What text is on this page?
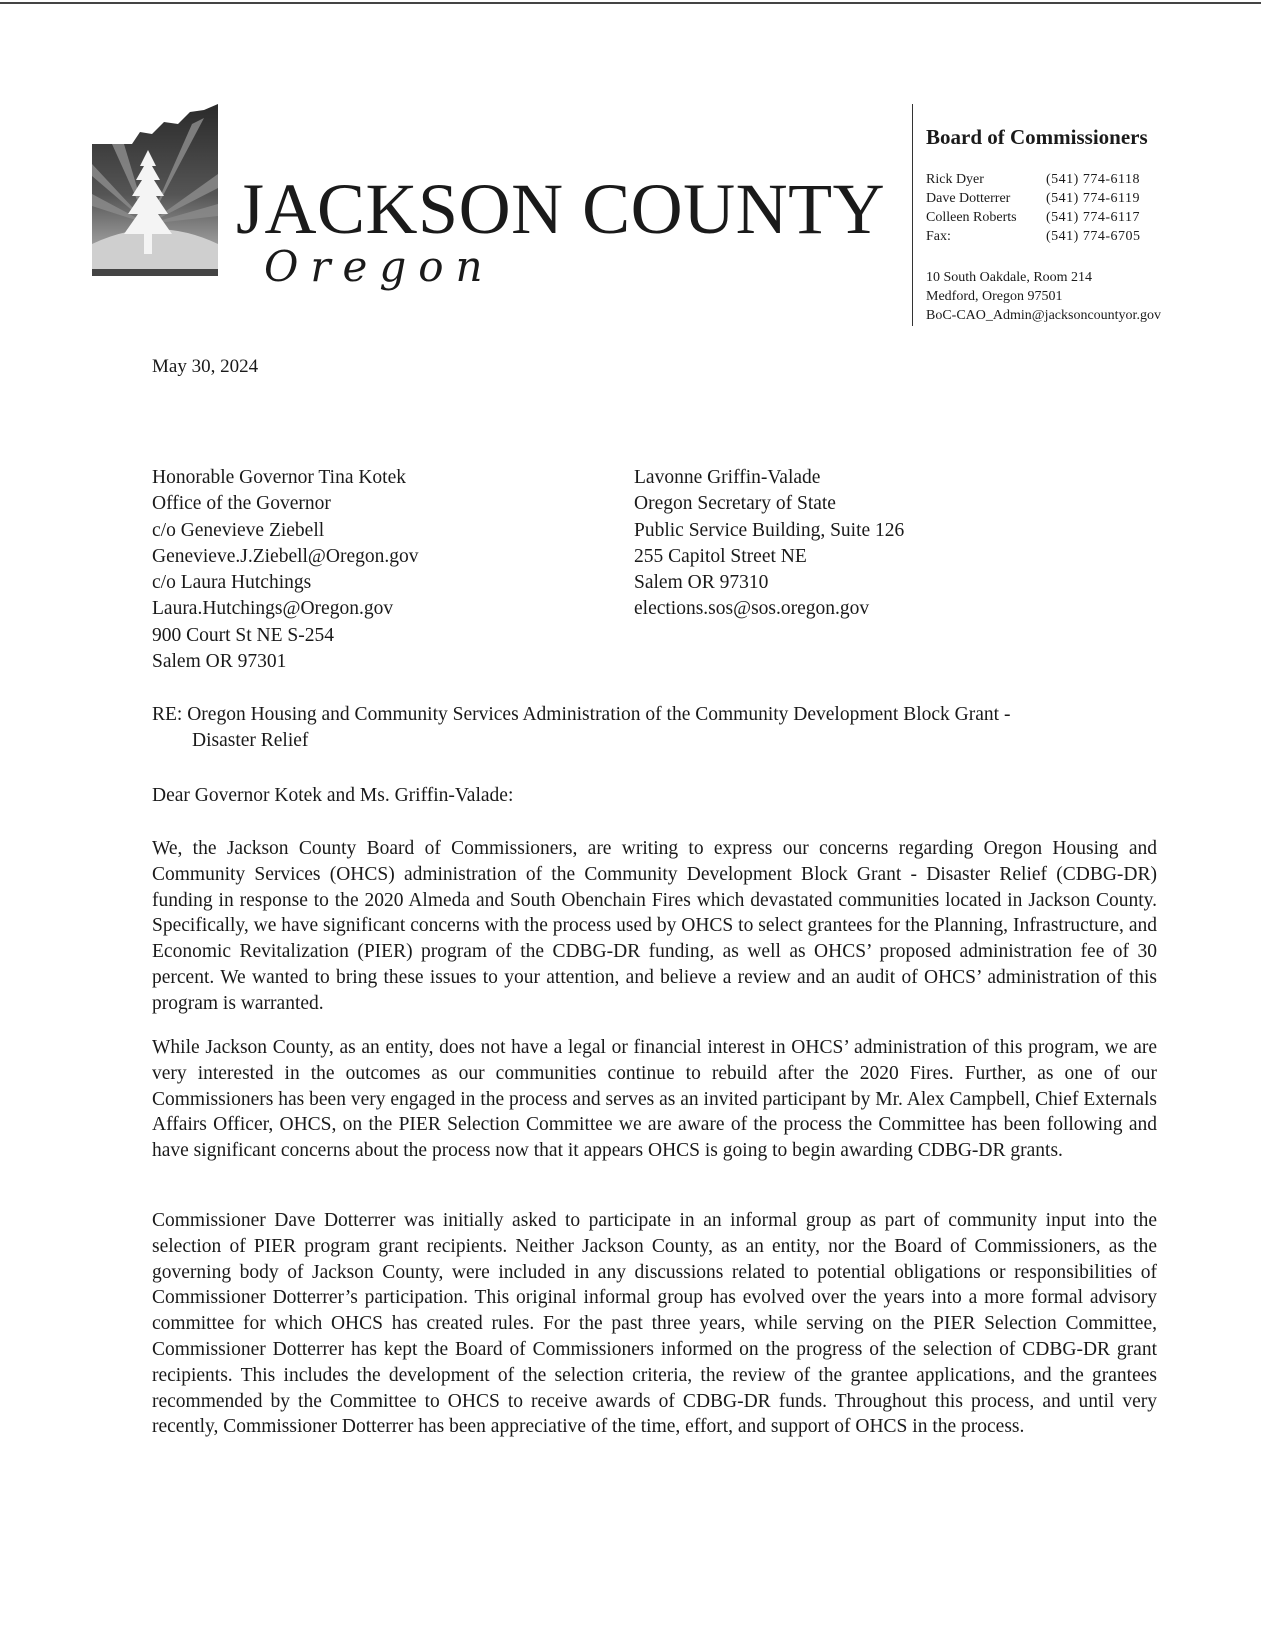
JACKSON COUNTY
Oregon
Board of Commissioners
Rick Dyer	(541) 774-6118
Dave Dotterrer	(541) 774-6119
Colleen Roberts	(541) 774-6117
Fax:	(541) 774-6705
10 South Oakdale, Room 214
Medford, Oregon 97501
BoC-CAO_Admin@jacksoncountyor.gov
May 30, 2024
Honorable Governor Tina Kotek
Office of the Governor
c/o Genevieve Ziebell
Genevieve.J.Ziebell@Oregon.gov
c/o Laura Hutchings
Laura.Hutchings@Oregon.gov
900 Court St NE S-254
Salem OR 97301
Lavonne Griffin-Valade
Oregon Secretary of State
Public Service Building, Suite 126
255 Capitol Street NE
Salem OR 97310
elections.sos@sos.oregon.gov
RE: Oregon Housing and Community Services Administration of the Community Development Block Grant -
Disaster Relief
Dear Governor Kotek and Ms. Griffin-Valade:

We, the Jackson County Board of Commissioners, are writing to express our concerns regarding Oregon Housing and Community Services (OHCS) administration of the Community Development Block Grant - Disaster Relief (CDBG-DR) funding in response to the 2020 Almeda and South Obenchain Fires which devastated communities located in Jackson County. Specifically, we have significant concerns with the process used by OHCS to select grantees for the Planning, Infrastructure, and Economic Revitalization (PIER) program of the CDBG-DR funding, as well as OHCS’ proposed administration fee of 30 percent. We wanted to bring these issues to your attention, and believe a review and an audit of OHCS’ administration of this program is warranted.

While Jackson County, as an entity, does not have a legal or financial interest in OHCS’ administration of this program, we are very interested in the outcomes as our communities continue to rebuild after the 2020 Fires. Further, as one of our Commissioners has been very engaged in the process and serves as an invited participant by Mr. Alex Campbell, Chief Externals Affairs Officer, OHCS, on the PIER Selection Committee we are aware of the process the Committee has been following and have significant concerns about the process now that it appears OHCS is going to begin awarding CDBG-DR grants.

Commissioner Dave Dotterrer was initially asked to participate in an informal group as part of community input into the selection of PIER program grant recipients. Neither Jackson County, as an entity, nor the Board of Commissioners, as the governing body of Jackson County, were included in any discussions related to potential obligations or responsibilities of Commissioner Dotterrer’s participation. This original informal group has evolved over the years into a more formal advisory committee for which OHCS has created rules. For the past three years, while serving on the PIER Selection Committee, Commissioner Dotterrer has kept the Board of Commissioners informed on the progress of the selection of CDBG-DR grant recipients. This includes the development of the selection criteria, the review of the grantee applications, and the grantees recommended by the Committee to OHCS to receive awards of CDBG-DR funds. Throughout this process, and until very recently, Commissioner Dotterrer has been appreciative of the time, effort, and support of OHCS in the process.
